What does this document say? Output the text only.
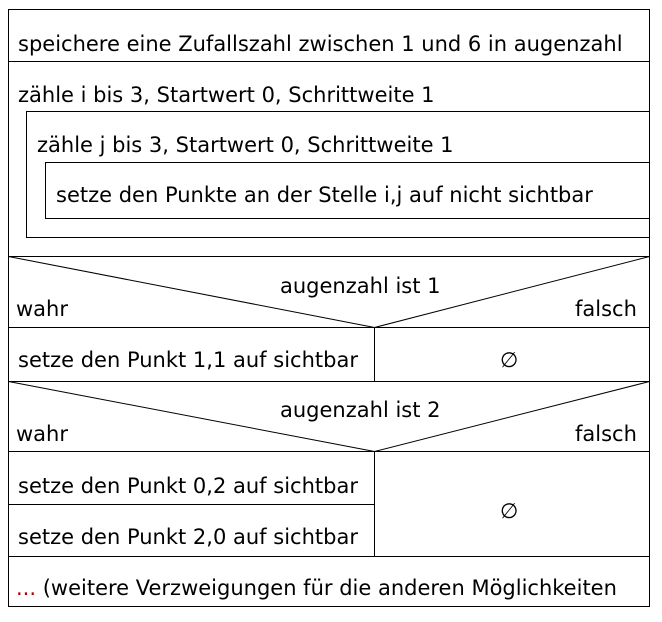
speichere eine Zufallszahl zwischen 1 und 6 in augenzahl
zähle i bis 3, Startwert 0, Schrittweite 1
zähle j bis 3, Startwert 0, Schrittweite 1
setze den Punkte an der Stelle i,j auf nicht sichtbar
augenzahl ist 1
wahr	falsch
setze den Punkt 1,1 auf sichtbar	∅
augenzahl ist 2
wahr	falsch
setze den Punkt 0,2 auf sichtbar
setze den Punkt 2,0 auf sichtbar
∅
... (weitere Verzweigungen für die anderen Möglichkeiten
